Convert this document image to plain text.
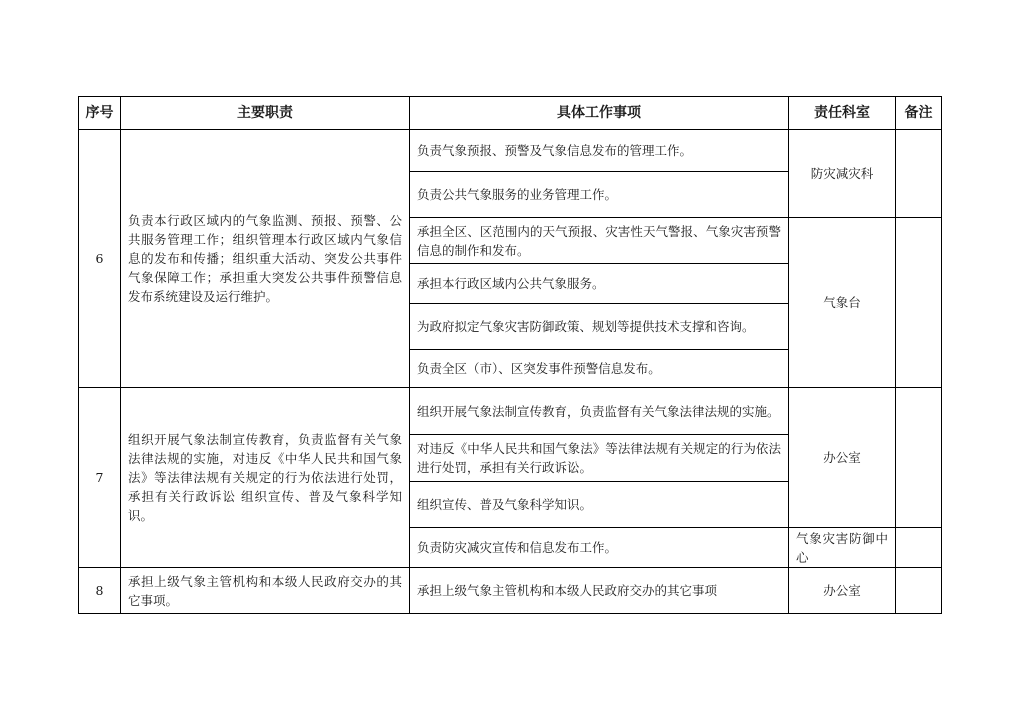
序号	主要职责	具体工作事项	责任科室	备注
6	负责本行政区域内的气象监测、预报、预警、公共服务管理工作；组织管理本行政区域内气象信息的发布和传播；组织重大活动、突发公共事件气象保障工作；承担重大突发公共事件预警信息发布系统建设及运行维护。	负责气象预报、预警及气象信息发布的管理工作。	防灾减灾科	
		负责公共气象服务的业务管理工作。		
		承担全区、区范围内的天气预报、灾害性天气警报、气象灾害预警信息的制作和发布。	气象台	
		承担本行政区域内公共气象服务。		
		为政府拟定气象灾害防御政策、规划等提供技术支撑和咨询。		
		负责全区（市）、区突发事件预警信息发布。		
7	组织开展气象法制宣传教育，负责监督有关气象法律法规的实施，对违反《中华人民共和国气象法》等法律法规有关规定的行为依法进行处罚，承担有关行政诉讼 组织宣传、普及气象科学知识。	组织开展气象法制宣传教育，负责监督有关气象法律法规的实施。	办公室	
		对违反《中华人民共和国气象法》等法律法规有关规定的行为依法进行处罚，承担有关行政诉讼。		
		组织宣传、普及气象科学知识。		
		负责防灾减灾宣传和信息发布工作。	气象灾害防御中心	
8	承担上级气象主管机构和本级人民政府交办的其它事项。	承担上级气象主管机构和本级人民政府交办的其它事项	办公室	
